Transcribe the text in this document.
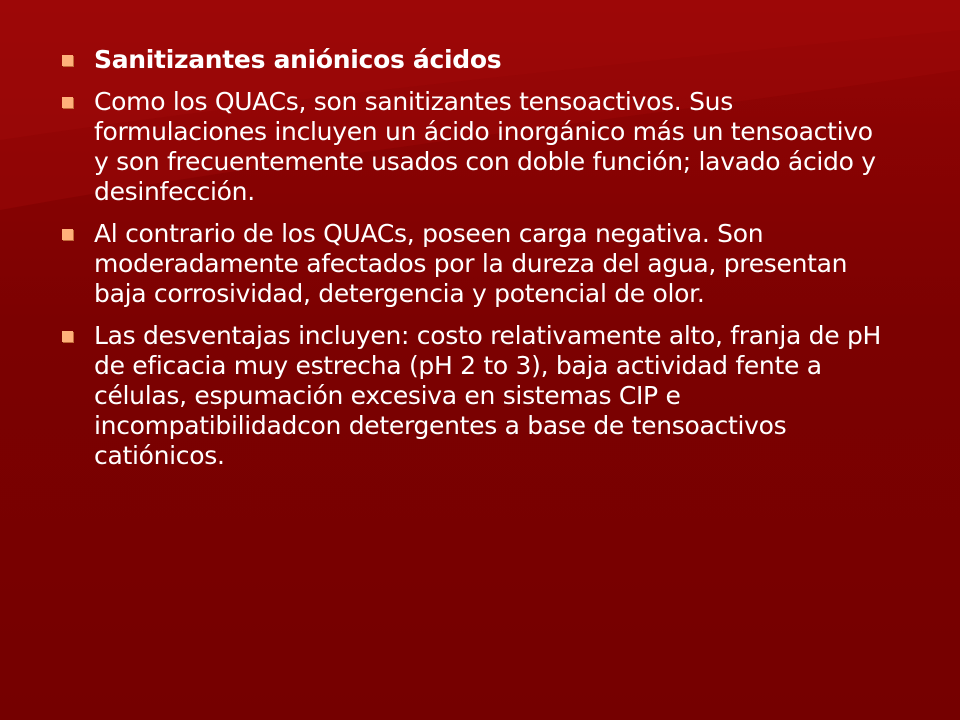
Sanitizantes aniónicos ácidos
Como los QUACs, son sanitizantes tensoactivos. Sus formulaciones incluyen un ácido inorgánico más un tensoactivo y son frecuentemente usados con doble función; lavado ácido y desinfección.
Al contrario de los QUACs, poseen carga negativa. Son moderadamente afectados por la dureza del agua, presentan baja corrosividad, detergencia y potencial de olor.
Las desventajas incluyen: costo relativamente alto, franja de pH de eficacia muy estrecha (pH 2 to 3), baja actividad fente a células, espumación excesiva en sistemas CIP e incompatibilidadcon detergentes a base de tensoactivos catiónicos.
